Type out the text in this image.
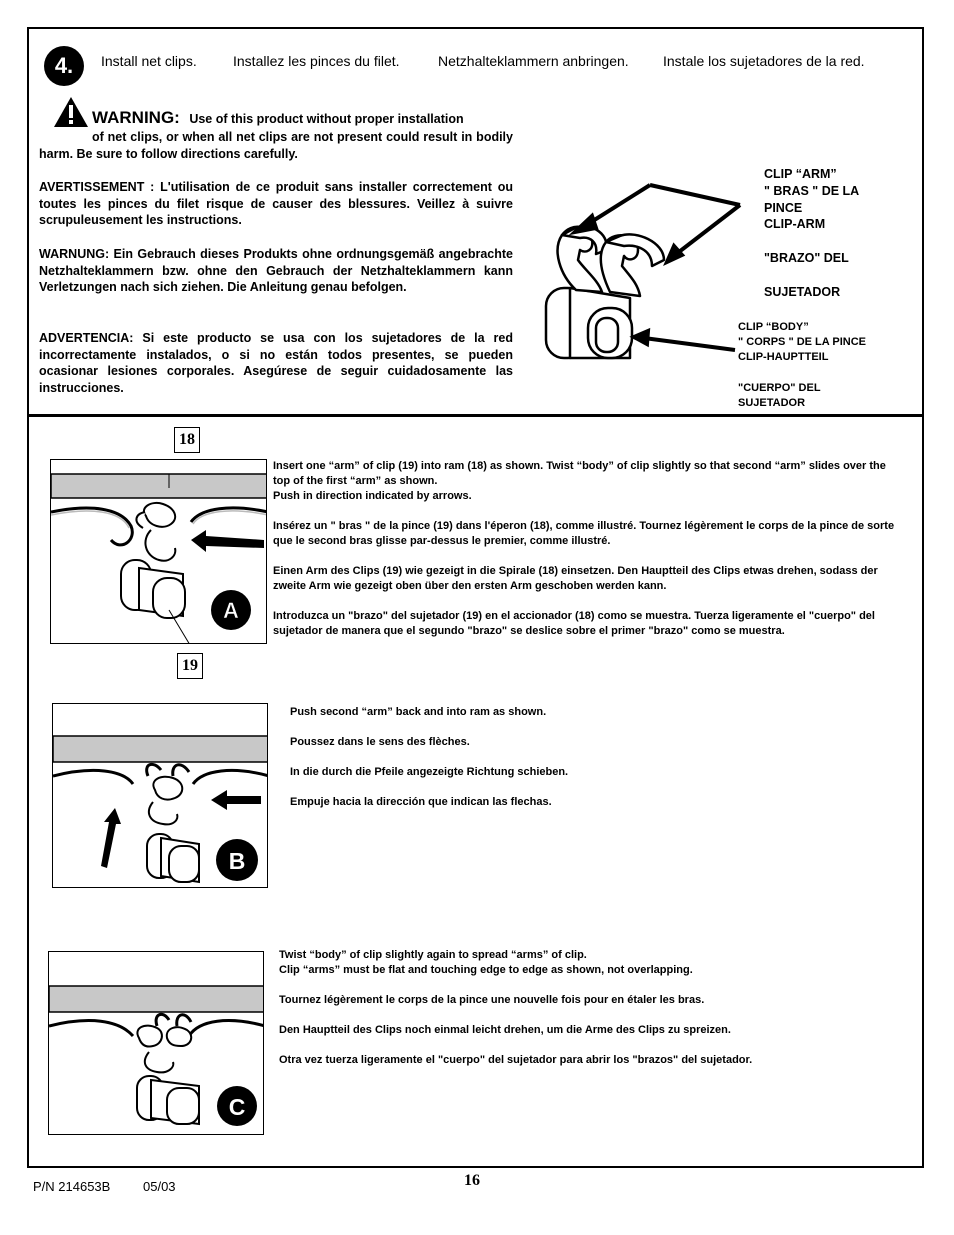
4.	Install net clips.	Installez les pinces du filet.	Netzhalteklammern anbringen. Instale los sujetadores de la red.
WARNING: Use of this product without proper installation
of net clips, or when all net clips are not present could result in bodily harm. Be sure to follow directions carefully.
AVERTISSEMENT : L'utilisation de ce produit sans installer correctement ou toutes les pinces du filet risque de causer des blessures. Veillez à suivre scrupuleusement les instructions.
WARNUNG: Ein Gebrauch dieses Produkts ohne ordnungsgemäß angebrachte Netzhalteklammern bzw. ohne den Gebrauch der Netzhalteklammern kann Verletzungen nach sich ziehen. Die Anleitung genau befolgen.
ADVERTENCIA: Si este producto se usa con los sujetadores de la red incorrectamente instalados, o si no están todos presentes, se pueden ocasionar lesiones corporales. Asegúrese de seguir cuidadosamente las instrucciones.
CLIP “ARM”
" BRAS " DE LA
PINCE
CLIP-ARM
"BRAZO" DEL
SUJETADOR
CLIP “BODY”
" CORPS " DE LA PINCE
CLIP-HAUPTTEIL
"CUERPO" DEL
SUJETADOR
A
18
19

Insert one “arm” of clip (19) into ram (18) as shown. Twist “body” of clip slightly so that second “arm” slides over the top of the first “arm” as shown.
Push in direction indicated by arrows.

Insérez un " bras " de la pince (19) dans l'éperon (18), comme illustré. Tournez légèrement le corps de la pince de sorte que le second bras glisse par-dessus le premier, comme illustré.

Einen Arm des Clips (19) wie gezeigt in die Spirale (18) einsetzen. Den Hauptteil des Clips etwas drehen, sodass der zweite Arm wie gezeigt oben über den ersten Arm geschoben werden kann.

Introduzca un "brazo" del sujetador (19) en el accionador (18) como se muestra. Tuerza ligeramente el "cuerpo" del sujetador de manera que el segundo "brazo" se deslice sobre el primer "brazo" como se muestra.

B

Push second “arm” back and into ram as shown.

Poussez dans le sens des flèches.

In die durch die Pfeile angezeigte Richtung schieben.

Empuje hacia la dirección que indican las flechas.

C

Twist “body” of clip slightly again to spread “arms” of clip.
Clip “arms” must be flat and touching edge to edge as shown, not overlapping.

Tournez légèrement le corps de la pince une nouvelle fois pour en étaler les bras.

Den Hauptteil des Clips noch einmal leicht drehen, um die Arme des Clips zu spreizen.

Otra vez tuerza ligeramente el "cuerpo" del sujetador para abrir los "brazos" del sujetador.

P/N 214653B	05/03	16
